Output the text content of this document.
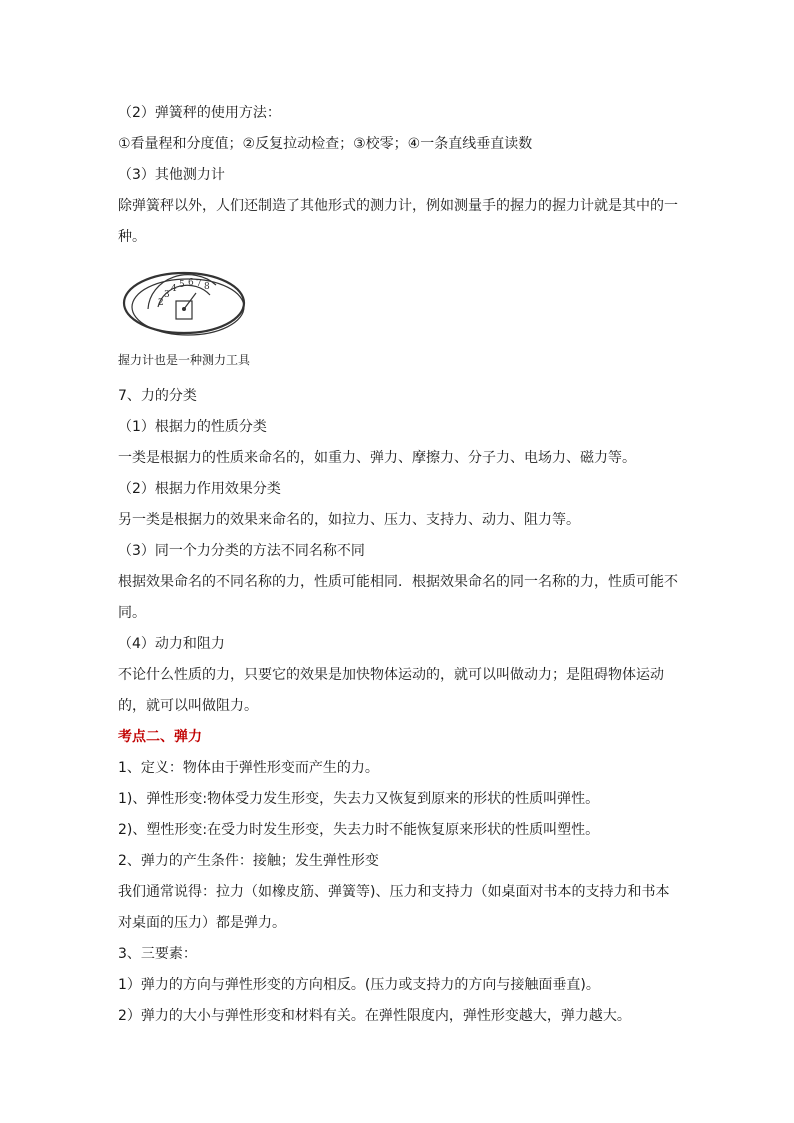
（2）弹簧秤的使用方法：

①看量程和分度值；②反复拉动检查；③校零；④一条直线垂直读数

（3）其他测力计

除弹簧秤以外，人们还制造了其他形式的测力计，例如测量手的握力的握力计就是其中的一种。

2
3
4 5 6 7 8
握力计也是一种测力工具

7、力的分类

（1）根据力的性质分类

一类是根据力的性质来命名的，如重力、弹力、摩擦力、分子力、电场力、磁力等。

（2）根据力作用效果分类

另一类是根据力的效果来命名的，如拉力、压力、支持力、动力、阻力等。

（3）同一个力分类的方法不同名称不同

根据效果命名的不同名称的力，性质可能相同．根据效果命名的同一名称的力，性质可能不同。

（4）动力和阻力

不论什么性质的力，只要它的效果是加快物体运动的，就可以叫做动力；是阻碍物体运动的，就可以叫做阻力。

考点二、弹力

1、定义：物体由于弹性形变而产生的力。

1)、弹性形变:物体受力发生形变，失去力又恢复到原来的形状的性质叫弹性。

2)、塑性形变:在受力时发生形变，失去力时不能恢复原来形状的性质叫塑性。

2、弹力的产生条件：接触；发生弹性形变

我们通常说得：拉力（如橡皮筋、弹簧等)、压力和支持力（如桌面对书本的支持力和书本对桌面的压力）都是弹力。

3、三要素：

1）弹力的方向与弹性形变的方向相反。(压力或支持力的方向与接触面垂直)。

2）弹力的大小与弹性形变和材料有关。在弹性限度内，弹性形变越大，弹力越大。
